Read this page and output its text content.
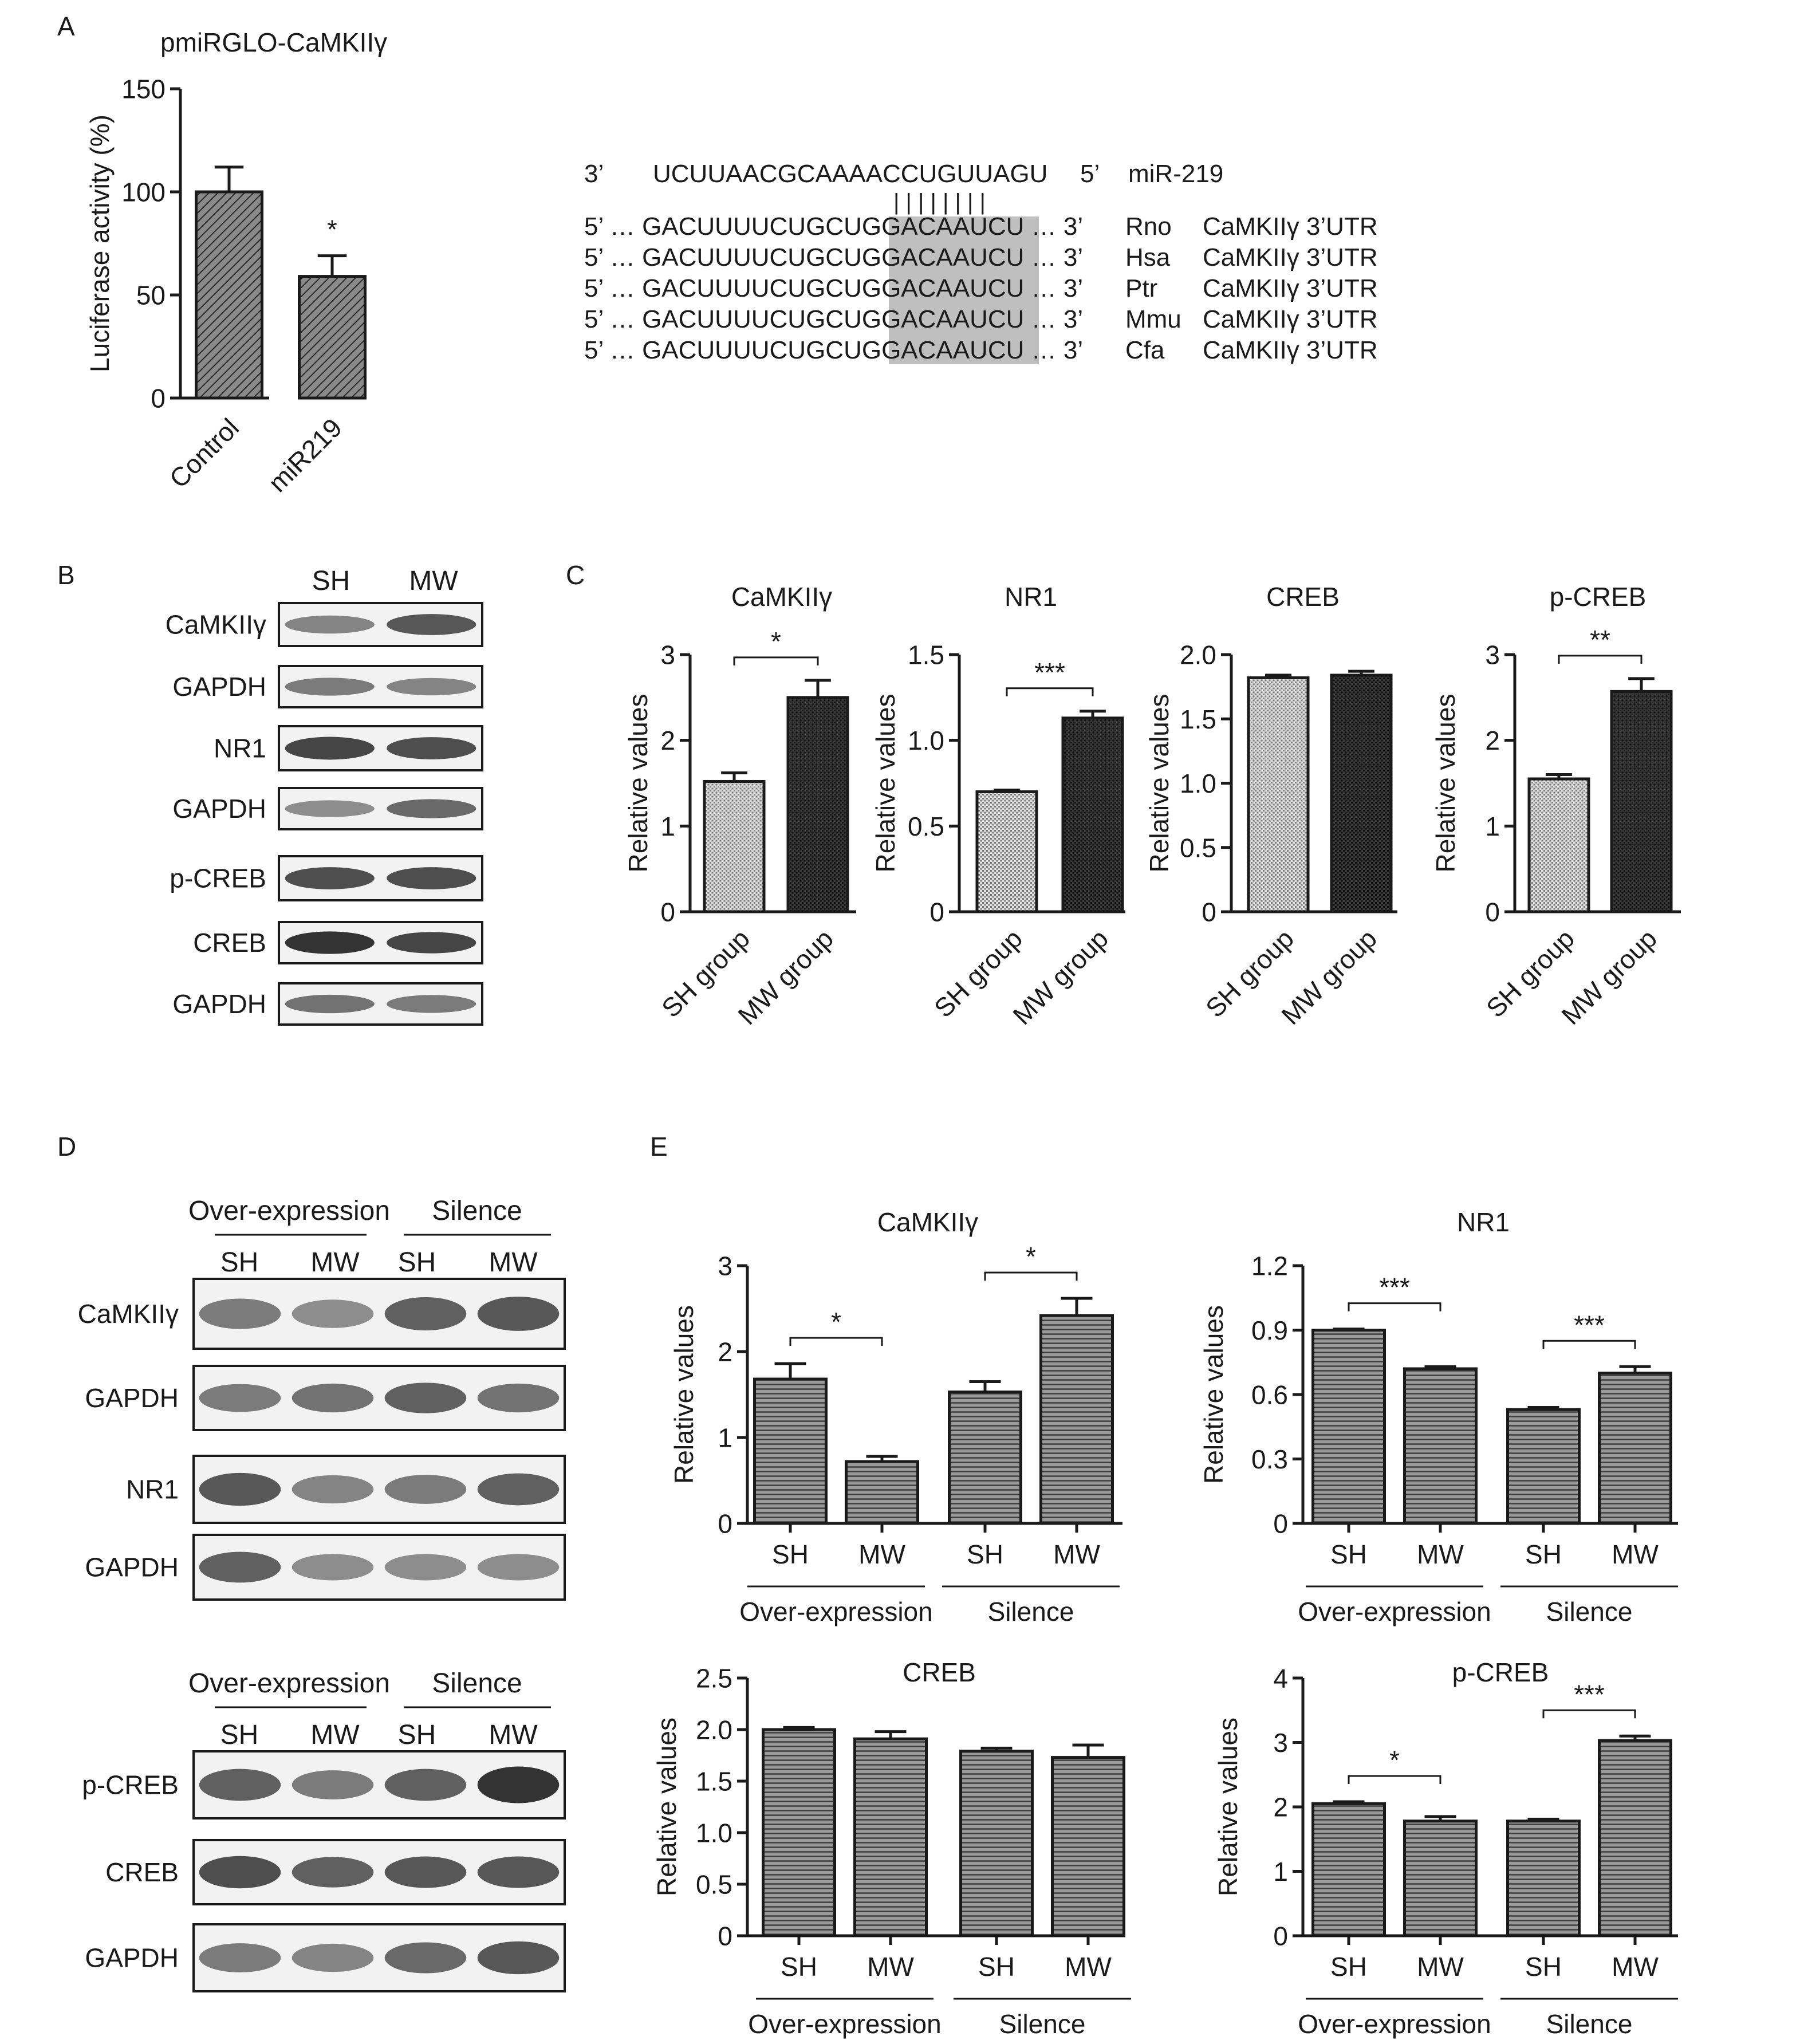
A
pmiRGLO-CaMKIIγ
0
50
100
150
Luciferase activity (%)
Control miR219
*
3’ UCUUAACGCAAAACCUGUUAGU 5’ miR-219
| | | | | | | |
5’ … GACUUUUCUGCUGGACAAUCU … 3’ Rno CaMKIIγ 3’UTR
5’ … GACUUUUCUGCUGGACAAUCU … 3’ Hsa CaMKIIγ 3’UTR
5’ … GACUUUUCUGCUGGACAAUCU … 3’ Ptr CaMKIIγ 3’UTR
5’ … GACUUUUCUGCUGGACAAUCU … 3’ Mmu CaMKIIγ 3’UTR
5’ … GACUUUUCUGCUGGACAAUCU … 3’ Cfa CaMKIIγ 3’UTR
B	SH MW
CaMKIIγ
GAPDH
NR1
GAPDH
p-CREB
CREB
GAPDH
C
CaMKIIγ
0
1
2
3
Relative values
SH group
MW group
*
NR1
0
0.5
1.0
1.5
Relative values
SH group
MW group
***
CREB
0
0.5
1.0
1.5
2.0
Relative values
SH group
MW group
p-CREB
0
1
2
3
Relative values
SH group
MW group
**
D
Over-expression Silence
SH MW SH MW
CaMKIIγ
GAPDH
NR1
GAPDH
Over-expression Silence
SH MW SH MW
p-CREB
CREB
GAPDH
E
CaMKIIγ
0
1
2
3
Relative values
SH MW SH MW
Over-expression Silence
*
*
NR1
0
0.3
0.6
0.9
1.2
Relative values
SH MW SH MW
Over-expression Silence
***
***
CREB
0
0.5
1.0
1.5
2.0
2.5
Relative values
SH MW SH MW
Over-expression Silence
p-CREB
0
1
2
3
4
Relative values
SH MW SH MW
Over-expression Silence
*
***
